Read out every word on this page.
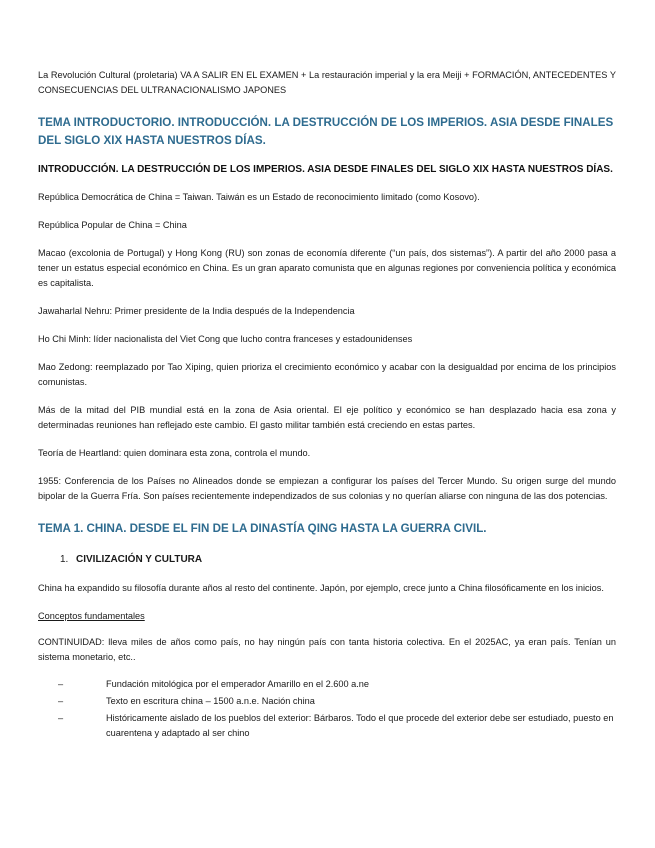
La Revolución Cultural (proletaria) VA A SALIR EN EL EXAMEN + La restauración imperial y la era Meiji + FORMACIÓN, ANTECEDENTES Y CONSECUENCIAS DEL ULTRANACIONALISMO JAPONES

TEMA INTRODUCTORIO. INTRODUCCIÓN. LA DESTRUCCIÓN DE LOS IMPERIOS. ASIA DESDE FINALES DEL SIGLO XIX HASTA NUESTROS DÍAS.
INTRODUCCIÓN. LA DESTRUCCIÓN DE LOS IMPERIOS. ASIA DESDE FINALES DEL SIGLO XIX HASTA NUESTROS DÍAS.

República Democrática de China = Taiwan. Taiwán es un Estado de reconocimiento limitado (como Kosovo).

República Popular de China = China

Macao (excolonia de Portugal) y Hong Kong (RU) son zonas de economía diferente (“un país, dos sistemas”). A partir del año 2000 pasa a tener un estatus especial económico en China. Es un gran aparato comunista que en algunas regiones por conveniencia política y económica es capitalista.

Jawaharlal Nehru: Primer presidente de la India después de la Independencia

Ho Chi Minh: líder nacionalista del Viet Cong que lucho contra franceses y estadounidenses

Mao Zedong: reemplazado por Tao Xiping, quien prioriza el crecimiento económico y acabar con la desigualdad por encima de los principios comunistas.

Más de la mitad del PIB mundial está en la zona de Asia oriental. El eje político y económico se han desplazado hacia esa zona y determinadas reuniones han reflejado este cambio. El gasto militar también está creciendo en estas partes.

Teoría de Heartland: quien dominara esta zona, controla el mundo.

1955: Conferencia de los Países no Alineados donde se empiezan a configurar los países del Tercer Mundo. Su origen surge del mundo bipolar de la Guerra Fría. Son países recientemente independizados de sus colonias y no querían aliarse con ninguna de las dos potencias.

TEMA 1. CHINA. DESDE EL FIN DE LA DINASTÍA QING HASTA LA GUERRA CIVIL.
1. CIVILIZACIÓN Y CULTURA

China ha expandido su filosofía durante años al resto del continente. Japón, por ejemplo, crece junto a China filosóficamente en los inicios.

Conceptos fundamentales

CONTINUIDAD: lleva miles de años como país, no hay ningún país con tanta historia colectiva. En el 2025AC, ya eran país. Tenían un sistema monetario, etc..

–	Fundación mitológica por el emperador Amarillo en el 2.600 a.ne
–	Texto en escritura china – 1500 a.n.e. Nación china
–	Históricamente aislado de los pueblos del exterior: Bárbaros. Todo el que procede del exterior debe ser estudiado, puesto en cuarentena y adaptado al ser chino
